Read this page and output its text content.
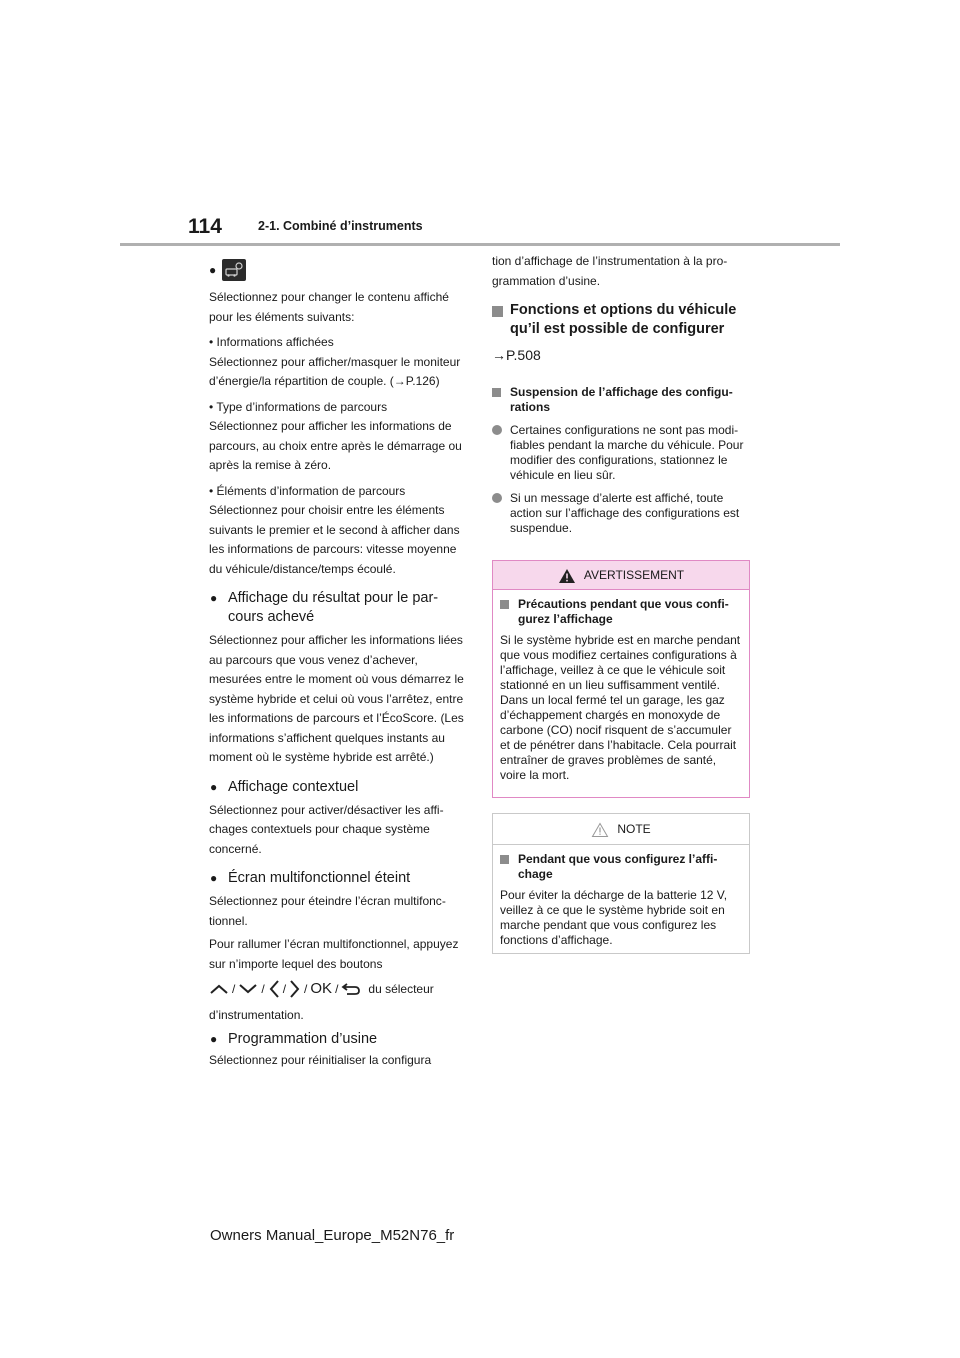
114	2-1. Combiné d’instruments
●

Sélectionnez pour changer le contenu affiché pour les éléments suivants:

• Informations affichées

Sélectionnez pour afficher/masquer le moniteur d’énergie/la répartition de couple. (→P.126)

• Type d’informations de parcours

Sélectionnez pour afficher les informations de parcours, au choix entre après le démarrage ou après la remise à zéro.

• Éléments d’information de parcours

Sélectionnez pour choisir entre les éléments suivants le premier et le second à afficher dans les informations de parcours: vitesse moyenne du véhicule/distance/temps écoulé.

● Affichage du résultat pour le parcours achevé

Sélectionnez pour afficher les informations liées au parcours que vous venez d’achever, mesurées entre le moment où vous démarrez le système hybride et celui où vous l’arrêtez, entre les informations de parcours et l’ÉcoScore. (Les informations s’affichent quelques instants au moment où le système hybride est arrêté.)

● Affichage contextuel

Sélectionnez pour activer/désactiver les affichages contextuels pour chaque système concerné.

● Écran multifonctionnel éteint

Sélectionnez pour éteindre l’écran multifonctionnel.

Pour rallumer l’écran multifonctionnel, appuyez sur n’importe lequel des boutons

/ / / / OK /	du sélecteur

d’instrumentation.

● Programmation d’usine

Sélectionnez pour réinitialiser la configura

tion d’affichage de l’instrumentation à la programmation d’usine.

Fonctions et options du véhicule qu’il est possible de configurer

→P.508

Suspension de l’affichage des configurations
Certaines configurations ne sont pas modifiables pendant la marche du véhicule. Pour modifier des configurations, stationnez le véhicule en lieu sûr.
Si un message d’alerte est affiché, toute action sur l’affichage des configurations est suspendue.
AVERTISSEMENT
Précautions pendant que vous configurez l’affichage

Si le système hybride est en marche pendant que vous modifiez certaines configurations à l’affichage, veillez à ce que le véhicule soit stationné en un lieu suffisamment ventilé. Dans un local fermé tel un garage, les gaz d’échappement chargés en monoxyde de carbone (CO) nocif risquent de s’accumuler et de pénétrer dans l’habitacle. Cela pourrait entraîner de graves problèmes de santé, voire la mort.

NOTE
Pendant que vous configurez l’affichage

Pour éviter la décharge de la batterie 12 V, veillez à ce que le système hybride soit en marche pendant que vous configurez les fonctions d’affichage.

Owners Manual_Europe_M52N76_fr
